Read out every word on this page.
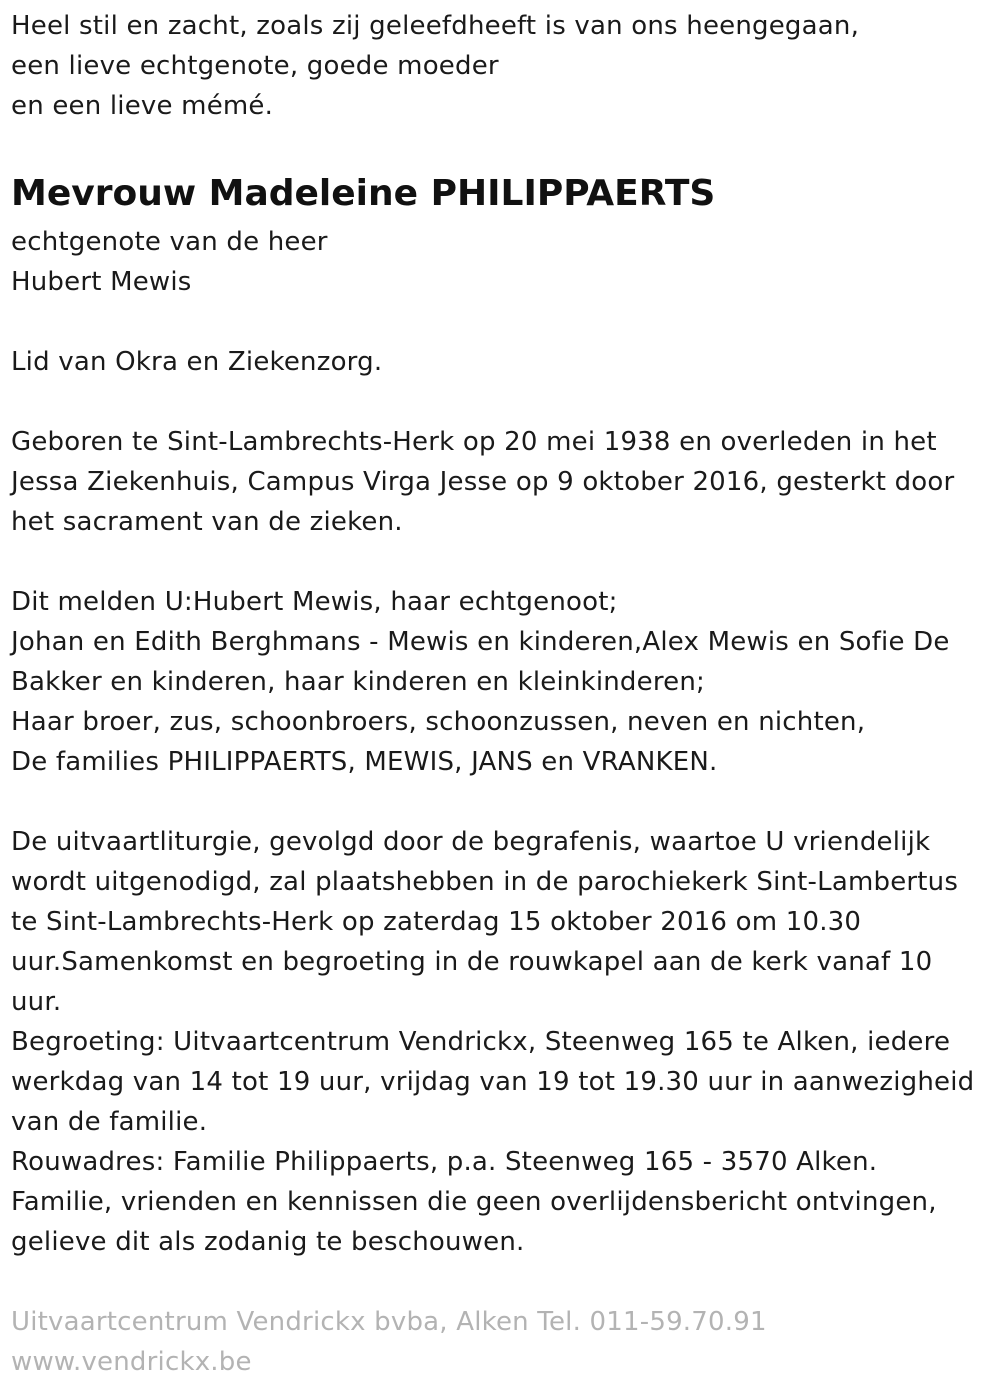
Heel stil en zacht, zoals zij geleefdheeft is van ons heengegaan,
een lieve echtgenote, goede moeder
en een lieve mémé.
Mevrouw Madeleine PHILIPPAERTS
echtgenote van de heer
Hubert Mewis
Lid van Okra en Ziekenzorg.
Geboren te Sint-Lambrechts-Herk op 20 mei 1938 en overleden in het
Jessa Ziekenhuis, Campus Virga Jesse op 9 oktober 2016, gesterkt door
het sacrament van de zieken.
Dit melden U:Hubert Mewis, haar echtgenoot;
Johan en Edith Berghmans - Mewis en kinderen,Alex Mewis en Sofie De
Bakker en kinderen, haar kinderen en kleinkinderen;
Haar broer, zus, schoonbroers, schoonzussen, neven en nichten,
De families PHILIPPAERTS, MEWIS, JANS en VRANKEN.
De uitvaartliturgie, gevolgd door de begrafenis, waartoe U vriendelijk
wordt uitgenodigd, zal plaatshebben in de parochiekerk Sint-Lambertus
te Sint-Lambrechts-Herk op zaterdag 15 oktober 2016 om 10.30
uur.Samenkomst en begroeting in de rouwkapel aan de kerk vanaf 10
uur.
Begroeting: Uitvaartcentrum Vendrickx, Steenweg 165 te Alken, iedere
werkdag van 14 tot 19 uur, vrijdag van 19 tot 19.30 uur in aanwezigheid
van de familie.
Rouwadres: Familie Philippaerts, p.a. Steenweg 165 - 3570 Alken.
Familie, vrienden en kennissen die geen overlijdensbericht ontvingen,
gelieve dit als zodanig te beschouwen.
Uitvaartcentrum Vendrickx bvba, Alken Tel. 011-59.70.91
www.vendrickx.be
